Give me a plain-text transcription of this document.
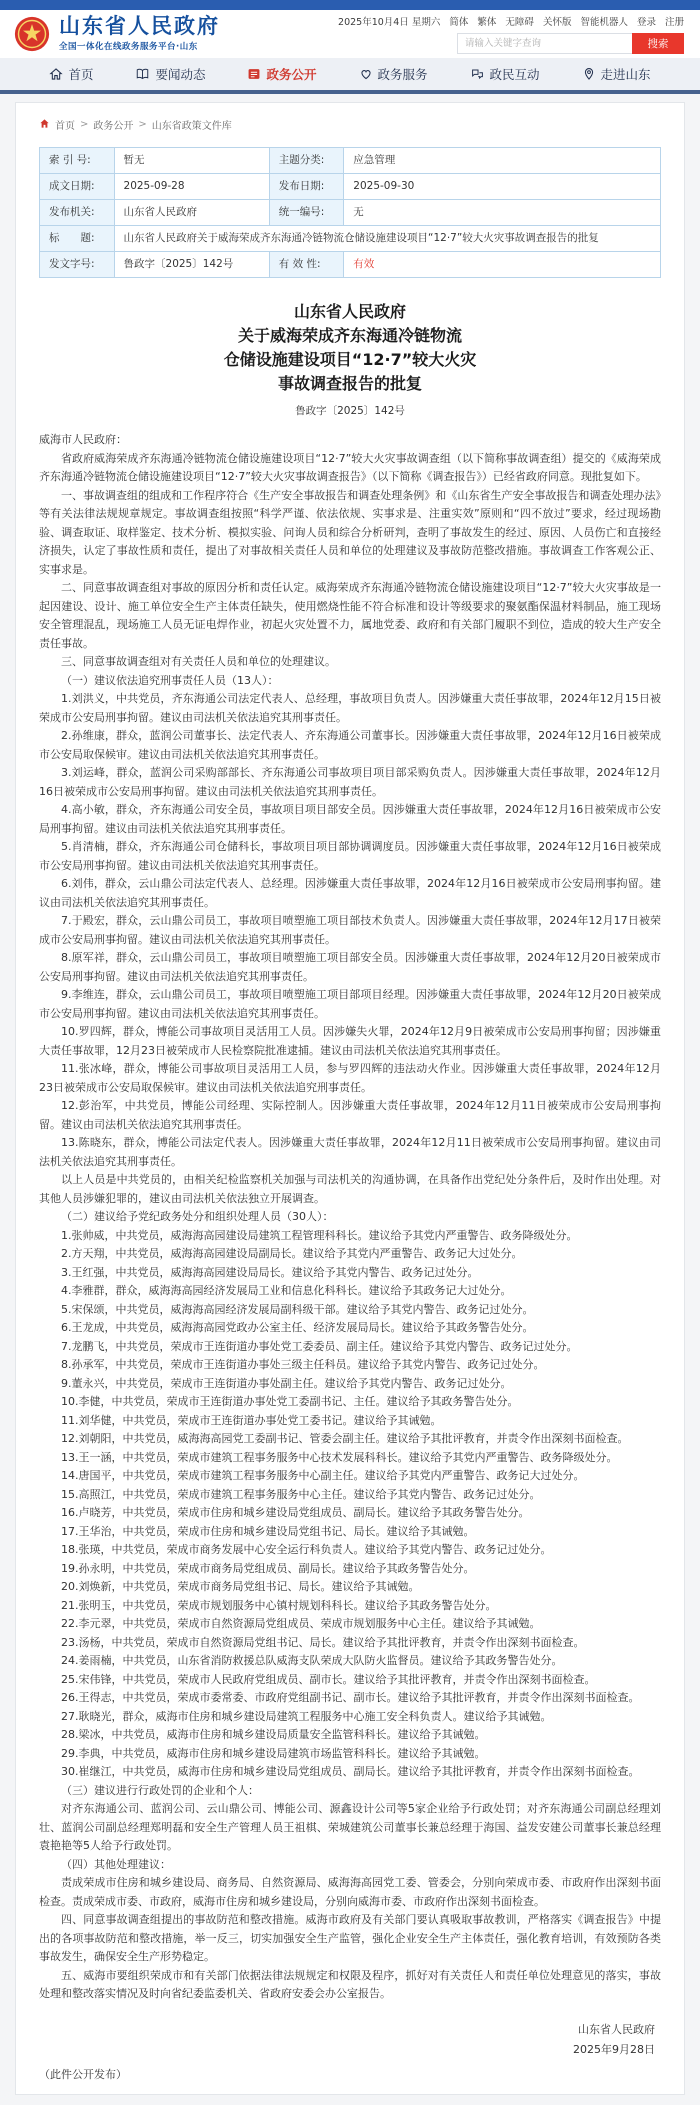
山东省人民政府
全国一体化在线政务服务平台·山东
2025年10月4日 星期六 简体 繁体 无障碍 关怀版 智能机器人 登录 注册
请输入关键字查询
搜索
首页	要闻动态	政务公开	政务服务	政民互动	走进山东
首页 > 政务公开 > 山东省政策文件库
索 引 号:	暂无	主题分类:	应急管理
成文日期:	2025-09-28	发布日期:	2025-09-30
发布机关:	山东省人民政府	统一编号:	无
标　　题:	山东省人民政府关于威海荣成齐东海通冷链物流仓储设施建设项目“12·7”较大火灾事故调查报告的批复		
发文字号:	鲁政字〔2025〕142号	有 效 性:	有效
山东省人民政府
关于威海荣成齐东海通冷链物流
仓储设施建设项目“12·7”较大火灾
事故调查报告的批复
鲁政字〔2025〕142号

威海市人民政府：

省政府威海荣成齐东海通冷链物流仓储设施建设项目“12·7”较大火灾事故调查组（以下简称事故调查组）提交的《威海荣成齐东海通冷链物流仓储设施建设项目“12·7”较大火灾事故调查报告》（以下简称《调查报告》）已经省政府同意。现批复如下。

一、事故调查组的组成和工作程序符合《生产安全事故报告和调查处理条例》和《山东省生产安全事故报告和调查处理办法》等有关法律法规规章规定。事故调查组按照“科学严谨、依法依规、实事求是、注重实效”原则和“四不放过”要求，经过现场勘验、调查取证、取样鉴定、技术分析、模拟实验、问询人员和综合分析研判，查明了事故发生的经过、原因、人员伤亡和直接经济损失，认定了事故性质和责任，提出了对事故相关责任人员和单位的处理建议及事故防范整改措施。事故调查工作客观公正、实事求是。

二、同意事故调查组对事故的原因分析和责任认定。威海荣成齐东海通冷链物流仓储设施建设项目“12·7”较大火灾事故是一起因建设、设计、施工单位安全生产主体责任缺失，使用燃烧性能不符合标准和设计等级要求的聚氨酯保温材料制品，施工现场安全管理混乱，现场施工人员无证电焊作业，初起火灾处置不力，属地党委、政府和有关部门履职不到位，造成的较大生产安全责任事故。

三、同意事故调查组对有关责任人员和单位的处理建议。

（一）建议依法追究刑事责任人员（13人）：

1.刘洪义，中共党员，齐东海通公司法定代表人、总经理，事故项目负责人。因涉嫌重大责任事故罪，2024年12月15日被荣成市公安局刑事拘留。建议由司法机关依法追究其刑事责任。

2.孙维康，群众，蓝润公司董事长、法定代表人、齐东海通公司董事长。因涉嫌重大责任事故罪，2024年12月16日被荣成市公安局取保候审。建议由司法机关依法追究其刑事责任。

3.刘运峰，群众，蓝润公司采购部部长、齐东海通公司事故项目项目部采购负责人。因涉嫌重大责任事故罪，2024年12月16日被荣成市公安局刑事拘留。建议由司法机关依法追究其刑事责任。

4.高小敏，群众，齐东海通公司安全员，事故项目项目部安全员。因涉嫌重大责任事故罪，2024年12月16日被荣成市公安局刑事拘留。建议由司法机关依法追究其刑事责任。

5.肖清楠，群众，齐东海通公司仓储科长，事故项目项目部协调调度员。因涉嫌重大责任事故罪，2024年12月16日被荣成市公安局刑事拘留。建议由司法机关依法追究其刑事责任。

6.刘伟，群众，云山鼎公司法定代表人、总经理。因涉嫌重大责任事故罪，2024年12月16日被荣成市公安局刑事拘留。建议由司法机关依法追究其刑事责任。

7.于殿宏，群众，云山鼎公司员工，事故项目喷塑施工项目部技术负责人。因涉嫌重大责任事故罪，2024年12月17日被荣成市公安局刑事拘留。建议由司法机关依法追究其刑事责任。

8.原军祥，群众，云山鼎公司员工，事故项目喷塑施工项目部安全员。因涉嫌重大责任事故罪，2024年12月20日被荣成市公安局刑事拘留。建议由司法机关依法追究其刑事责任。

9.李维连，群众，云山鼎公司员工，事故项目喷塑施工项目部项目经理。因涉嫌重大责任事故罪，2024年12月20日被荣成市公安局刑事拘留。建议由司法机关依法追究其刑事责任。

10.罗四辉，群众，博能公司事故项目灵活用工人员。因涉嫌失火罪，2024年12月9日被荣成市公安局刑事拘留；因涉嫌重大责任事故罪，12月23日被荣成市人民检察院批准逮捕。建议由司法机关依法追究其刑事责任。

11.张冰峰，群众，博能公司事故项目灵活用工人员，参与罗四辉的违法动火作业。因涉嫌重大责任事故罪，2024年12月23日被荣成市公安局取保候审。建议由司法机关依法追究刑事责任。

12.彭治军，中共党员，博能公司经理、实际控制人。因涉嫌重大责任事故罪，2024年12月11日被荣成市公安局刑事拘留。建议由司法机关依法追究其刑事责任。

13.陈晓东，群众，博能公司法定代表人。因涉嫌重大责任事故罪，2024年12月11日被荣成市公安局刑事拘留。建议由司法机关依法追究其刑事责任。

以上人员是中共党员的，由相关纪检监察机关加强与司法机关的沟通协调，在具备作出党纪处分条件后，及时作出处理。对其他人员涉嫌犯罪的，建议由司法机关依法独立开展调查。

（二）建议给予党纪政务处分和组织处理人员（30人）：

1.张帅威，中共党员，威海海高园建设局建筑工程管理科科长。建议给予其党内严重警告、政务降级处分。

2.方天翔，中共党员，威海海高园建设局副局长。建议给予其党内严重警告、政务记大过处分。

3.王红强，中共党员，威海海高园建设局局长。建议给予其党内警告、政务记过处分。

4.李雅群，群众，威海海高园经济发展局工业和信息化科科长。建议给予其政务记大过处分。

5.宋保颂，中共党员，威海海高园经济发展局副科级干部。建议给予其党内警告、政务记过处分。

6.王龙成，中共党员，威海海高园党政办公室主任、经济发展局局长。建议给予其政务警告处分。

7.龙鹏飞，中共党员，荣成市王连街道办事处党工委委员、副主任。建议给予其党内警告、政务记过处分。

8.孙承军，中共党员，荣成市王连街道办事处三级主任科员。建议给予其党内警告、政务记过处分。

9.董永兴，中共党员，荣成市王连街道办事处副主任。建议给予其党内警告、政务记过处分。

10.李健，中共党员，荣成市王连街道办事处党工委副书记、主任。建议给予其政务警告处分。

11.刘华健，中共党员，荣成市王连街道办事处党工委书记。建议给予其诫勉。

12.刘朝阳，中共党员，威海海高园党工委副书记、管委会副主任。建议给予其批评教育，并责令作出深刻书面检查。

13.王一涵，中共党员，荣成市建筑工程事务服务中心技术发展科科长。建议给予其党内严重警告、政务降级处分。

14.唐国平，中共党员，荣成市建筑工程事务服务中心副主任。建议给予其党内严重警告、政务记大过处分。

15.高照江，中共党员，荣成市建筑工程事务服务中心主任。建议给予其党内警告、政务记过处分。

16.卢晓芳，中共党员，荣成市住房和城乡建设局党组成员、副局长。建议给予其政务警告处分。

17.王华治，中共党员，荣成市住房和城乡建设局党组书记、局长。建议给予其诫勉。

18.张瑛，中共党员，荣成市商务发展中心安全运行科负责人。建议给予其党内警告、政务记过处分。

19.孙永明，中共党员，荣成市商务局党组成员、副局长。建议给予其政务警告处分。

20.刘焕新，中共党员，荣成市商务局党组书记、局长。建议给予其诫勉。

21.张明玉，中共党员，荣成市规划服务中心镇村规划科科长。建议给予其政务警告处分。

22.李元翠，中共党员，荣成市自然资源局党组成员、荣成市规划服务中心主任。建议给予其诫勉。

23.汤杨，中共党员，荣成市自然资源局党组书记、局长。建议给予其批评教育，并责令作出深刻书面检查。

24.姜雨楠，中共党员，山东省消防救援总队威海支队荣成大队防火监督员。建议给予其政务警告处分。

25.宋伟锋，中共党员，荣成市人民政府党组成员、副市长。建议给予其批评教育，并责令作出深刻书面检查。

26.王得志，中共党员，荣成市委常委、市政府党组副书记、副市长。建议给予其批评教育，并责令作出深刻书面检查。

27.耿晓光，群众，威海市住房和城乡建设局建筑工程服务中心施工安全科负责人。建议给予其诫勉。

28.梁冰，中共党员，威海市住房和城乡建设局质量安全监管科科长。建议给予其诫勉。

29.李典，中共党员，威海市住房和城乡建设局建筑市场监管科科长。建议给予其诫勉。

30.崔继江，中共党员，威海市住房和城乡建设局党组成员、副局长。建议给予其批评教育，并责令作出深刻书面检查。

（三）建议进行行政处罚的企业和个人：

对齐东海通公司、蓝润公司、云山鼎公司、博能公司、源鑫设计公司等5家企业给予行政处罚；对齐东海通公司副总经理刘壮、蓝润公司副总经理郑明磊和安全生产管理人员王祖棋、荣城建筑公司董事长兼总经理于海国、益发安建公司董事长兼总经理袁艳艳等5人给予行政处罚。

（四）其他处理建议：

责成荣成市住房和城乡建设局、商务局、自然资源局、威海海高园党工委、管委会，分别向荣成市委、市政府作出深刻书面检查。责成荣成市委、市政府，威海市住房和城乡建设局，分别向威海市委、市政府作出深刻书面检查。

四、同意事故调查组提出的事故防范和整改措施。威海市政府及有关部门要认真吸取事故教训，严格落实《调查报告》中提出的各项事故防范和整改措施，举一反三，切实加强安全生产监管，强化企业安全生产主体责任，强化教育培训，有效预防各类事故发生，确保安全生产形势稳定。

五、威海市要组织荣成市和有关部门依据法律法规规定和权限及程序，抓好对有关责任人和责任单位处理意见的落实，事故处理和整改落实情况及时向省纪委监委机关、省政府安委会办公室报告。

山东省人民政府
2025年9月28日
（此件公开发布）
